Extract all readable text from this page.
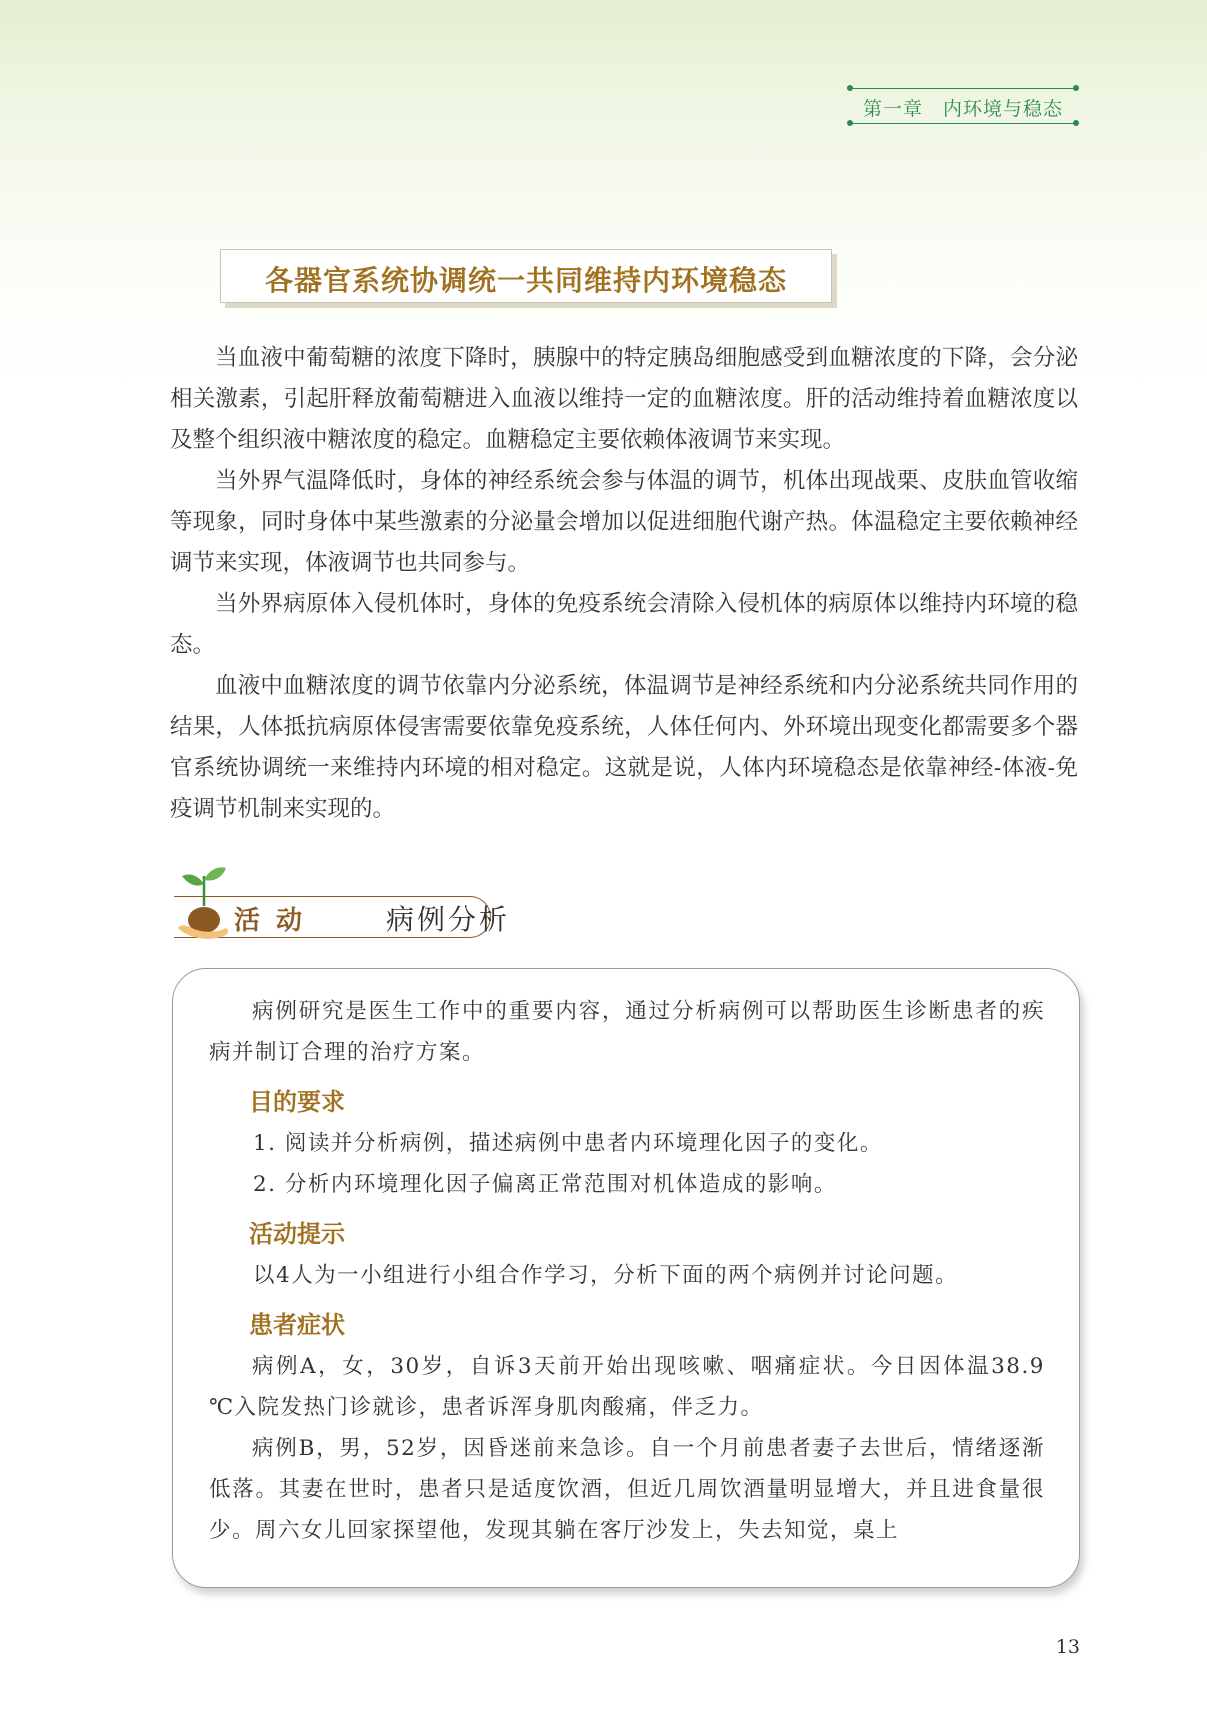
第一章　内环境与稳态
各器官系统协调统一共同维持内环境稳态

当血液中葡萄糖的浓度下降时，胰腺中的特定胰岛细胞感受到血糖浓度的下降，会分泌相关激素，引起肝释放葡萄糖进入血液以维持一定的血糖浓度。肝的活动维持着血糖浓度以及整个组织液中糖浓度的稳定。血糖稳定主要依赖体液调节来实现。

当外界气温降低时，身体的神经系统会参与体温的调节，机体出现战栗、皮肤血管收缩等现象，同时身体中某些激素的分泌量会增加以促进细胞代谢产热。体温稳定主要依赖神经调节来实现，体液调节也共同参与。

当外界病原体入侵机体时，身体的免疫系统会清除入侵机体的病原体以维持内环境的稳态。

血液中血糖浓度的调节依靠内分泌系统，体温调节是神经系统和内分泌系统共同作用的结果，人体抵抗病原体侵害需要依靠免疫系统，人体任何内、外环境出现变化都需要多个器官系统协调统一来维持内环境的相对稳定。这就是说，人体内环境稳态是依靠神经-体液-免疫调节机制来实现的。

活动 病例分析

病例研究是医生工作中的重要内容，通过分析病例可以帮助医生诊断患者的疾病并制订合理的治疗方案。

目的要求

1. 阅读并分析病例，描述病例中患者内环境理化因子的变化。

2. 分析内环境理化因子偏离正常范围对机体造成的影响。

活动提示

以4人为一小组进行小组合作学习，分析下面的两个病例并讨论问题。

患者症状

病例A，女，30岁，自诉3天前开始出现咳嗽、咽痛症状。今日因体温38.9 ℃入院发热门诊就诊，患者诉浑身肌肉酸痛，伴乏力。

病例B，男，52岁，因昏迷前来急诊。自一个月前患者妻子去世后，情绪逐渐低落。其妻在世时，患者只是适度饮酒，但近几周饮酒量明显增大，并且进食量很少。周六女儿回家探望他，发现其躺在客厅沙发上，失去知觉，桌上

13
